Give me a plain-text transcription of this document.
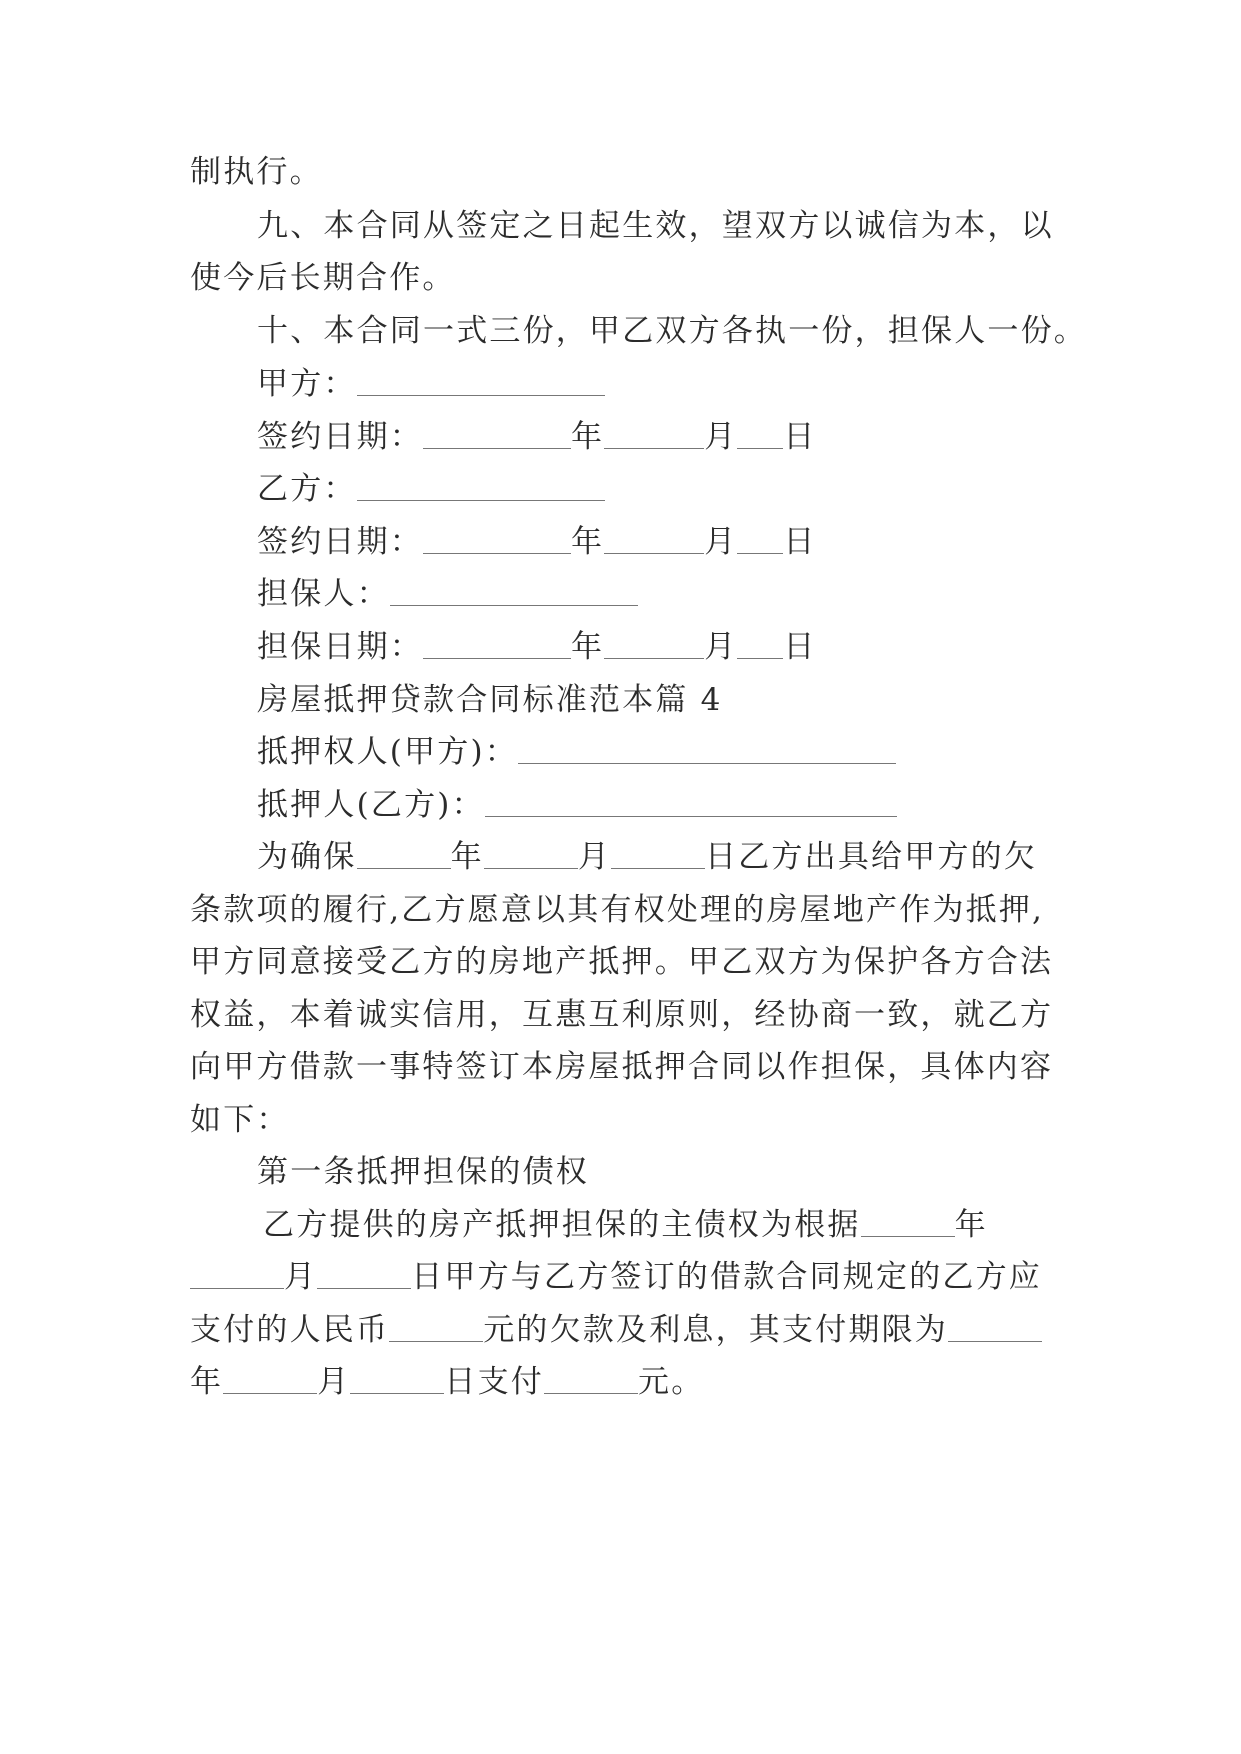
制执行。
九、本合同从签定之日起生效，望双方以诚信为本，以
使今后长期合作。
十、本合同一式三份，甲乙双方各执一份，担保人一份。
甲方：
签约日期：	年	月 日
乙方：
签约日期：	年	月 日
担保人：
担保日期：	年	月 日
房屋抵押贷款合同标准范本篇 4
抵押权人(甲方)：
抵押人(乙方)：
为确保	年	月	日乙方出具给甲方的欠
条款项的履行,乙方愿意以其有权处理的房屋地产作为抵押,
甲方同意接受乙方的房地产抵押。甲乙双方为保护各方合法
权益，本着诚实信用，互惠互利原则，经协商一致，就乙方
向甲方借款一事特签订本房屋抵押合同以作担保，具体内容
如下：
第一条抵押担保的债权
乙方提供的房产抵押担保的主债权为根据	年
月	日甲方与乙方签订的借款合同规定的乙方应
支付的人民币	元的欠款及利息，其支付期限为
年	月	日支付	元。
